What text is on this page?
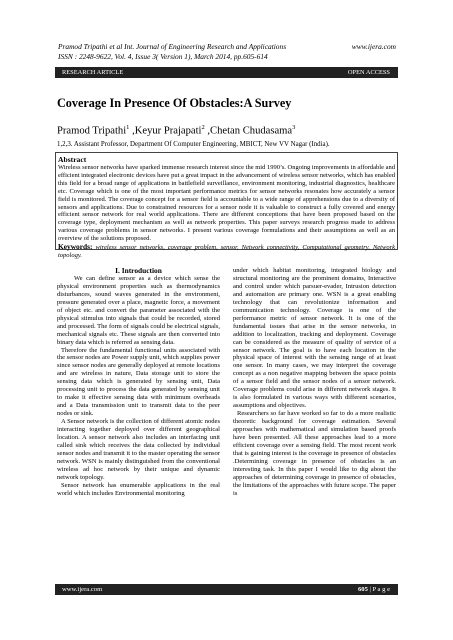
Pramod Tripathi et al Int. Journal of Engineering Research and Applications
ISSN : 2248-9622, Vol. 4, Issue 3( Version 1), March 2014, pp.605-614
www.ijera.com
RESEARCH ARTICLE	OPEN ACCESS
Coverage In Presence Of Obstacles:A Survey
Pramod Tripathi$^1$ ,Keyur Prajapati$^2$ ,Chetan Chudasama$^3$
1,2,3. Assistant Professor, Department Of Computer Engineering, MBICT, New VV Nagar (India).
Abstract
Wireless sensor networks have sparked immense research interest since the mid 1990’s. Ongoing improvements in affordable and efficient integrated electronic devices have put a great impact in the advancement of wireless sensor networks, which has enabled this field for a broad range of applications in battlefield surveillance, environment monitoring, industrial diagnostics, healthcare etc. Coverage which is one of the most important performance metrics for sensor networks resonates how accurately a sensor field is monitored. The coverage concept for a sensor field is accountable to a wide range of apprehensions due to a diversity of sensors and applications. Due to constrained resources for a sensor node it is valuable to construct a fully covered and energy efficient sensor network for real world applications. There are different conceptions that have been proposed based on the coverage type, deployment mechanism as well as network properties. This paper surveys research progress made to address various coverage problems in sensor networks. I present various coverage formulations and their assumptions as well as an overview of the solutions proposed.
Keywords: wireless sensor networks, coverage problem, sensor, Network connectivity, Computational geometry, Network topology.

I. Introduction

We can define sensor as a device which sense the physical environment properties such as thermodynamics disturbances, sound waves generated in the environment, pressure generated over a place, magnetic force, a movement of object etc. and convert the parameter associated with the physical stimulus into signals that could be recorded, stored and processed. The form of signals could be electrical signals, mechanical signals etc. These signals are then converted into binary data which is referred as sensing data.

Therefore the fundamental functional units associated with the sensor nodes are Power supply unit, which supplies power since sensor nodes are generally deployed at remote locations and are wireless in nature, Data storage unit to store the sensing data which is generated by sensing unit, Data processing unit to process the data generated by sensing unit to make it effective sensing data with minimum overheads and a Data transmission unit to transmit data to the peer nodes or sink.

A Sensor network is the collection of different atomic nodes interacting together deployed over different geographical location. A sensor network also includes an interfacing unit called sink which receives the data collected by individual sensor nodes and transmit it to the master operating the sensor network. WSN is mainly distinguished from the conventional wireless ad hoc network by their unique and dynamic network topology.

Sensor network has enumerable applications in the real world which includes Environmental monitoring

under which habitat monitoring, integrated biology and structural monitoring are the prominent domains, Interactive and control under which parsuer-evader, Intrusion detection and automation are primary one. WSN is a great enabling technology that can revolutionize information and communication technology. Coverage is one of the performance metric of sensor network. It is one of the fundamental issues that arise in the sensor networks, in addition to localization, tracking and deployment. Coverage can be considered as the measure of quality of service of a sensor network. The goal is to have each location in the physical space of interest with the sensing range of at least one sensor. In many cases, we may interpret the coverage concept as a non negative mapping between the space points of a sensor field and the sensor nodes of a sensor network. Coverage problems could arise in different network stages. It is also formulated in various ways with different scenarios, assumptions and objectives.

Researchers so far have worked so far to do a more realistic theoretic background for coverage estimation. Several approaches with mathematical and simulation based proofs have been presented. All these approaches lead to a more efficient coverage over a sensing field. The most recent work that is gaining interest is the coverage in presence of obstacles .Determining coverage in presence of obstacles is an interesting task. In this paper I would like to dig about the approaches of determining coverage in presence of obstacles, the limitations of the approaches with future scope. The paper is

www.ijera.com	605 | P a g e
